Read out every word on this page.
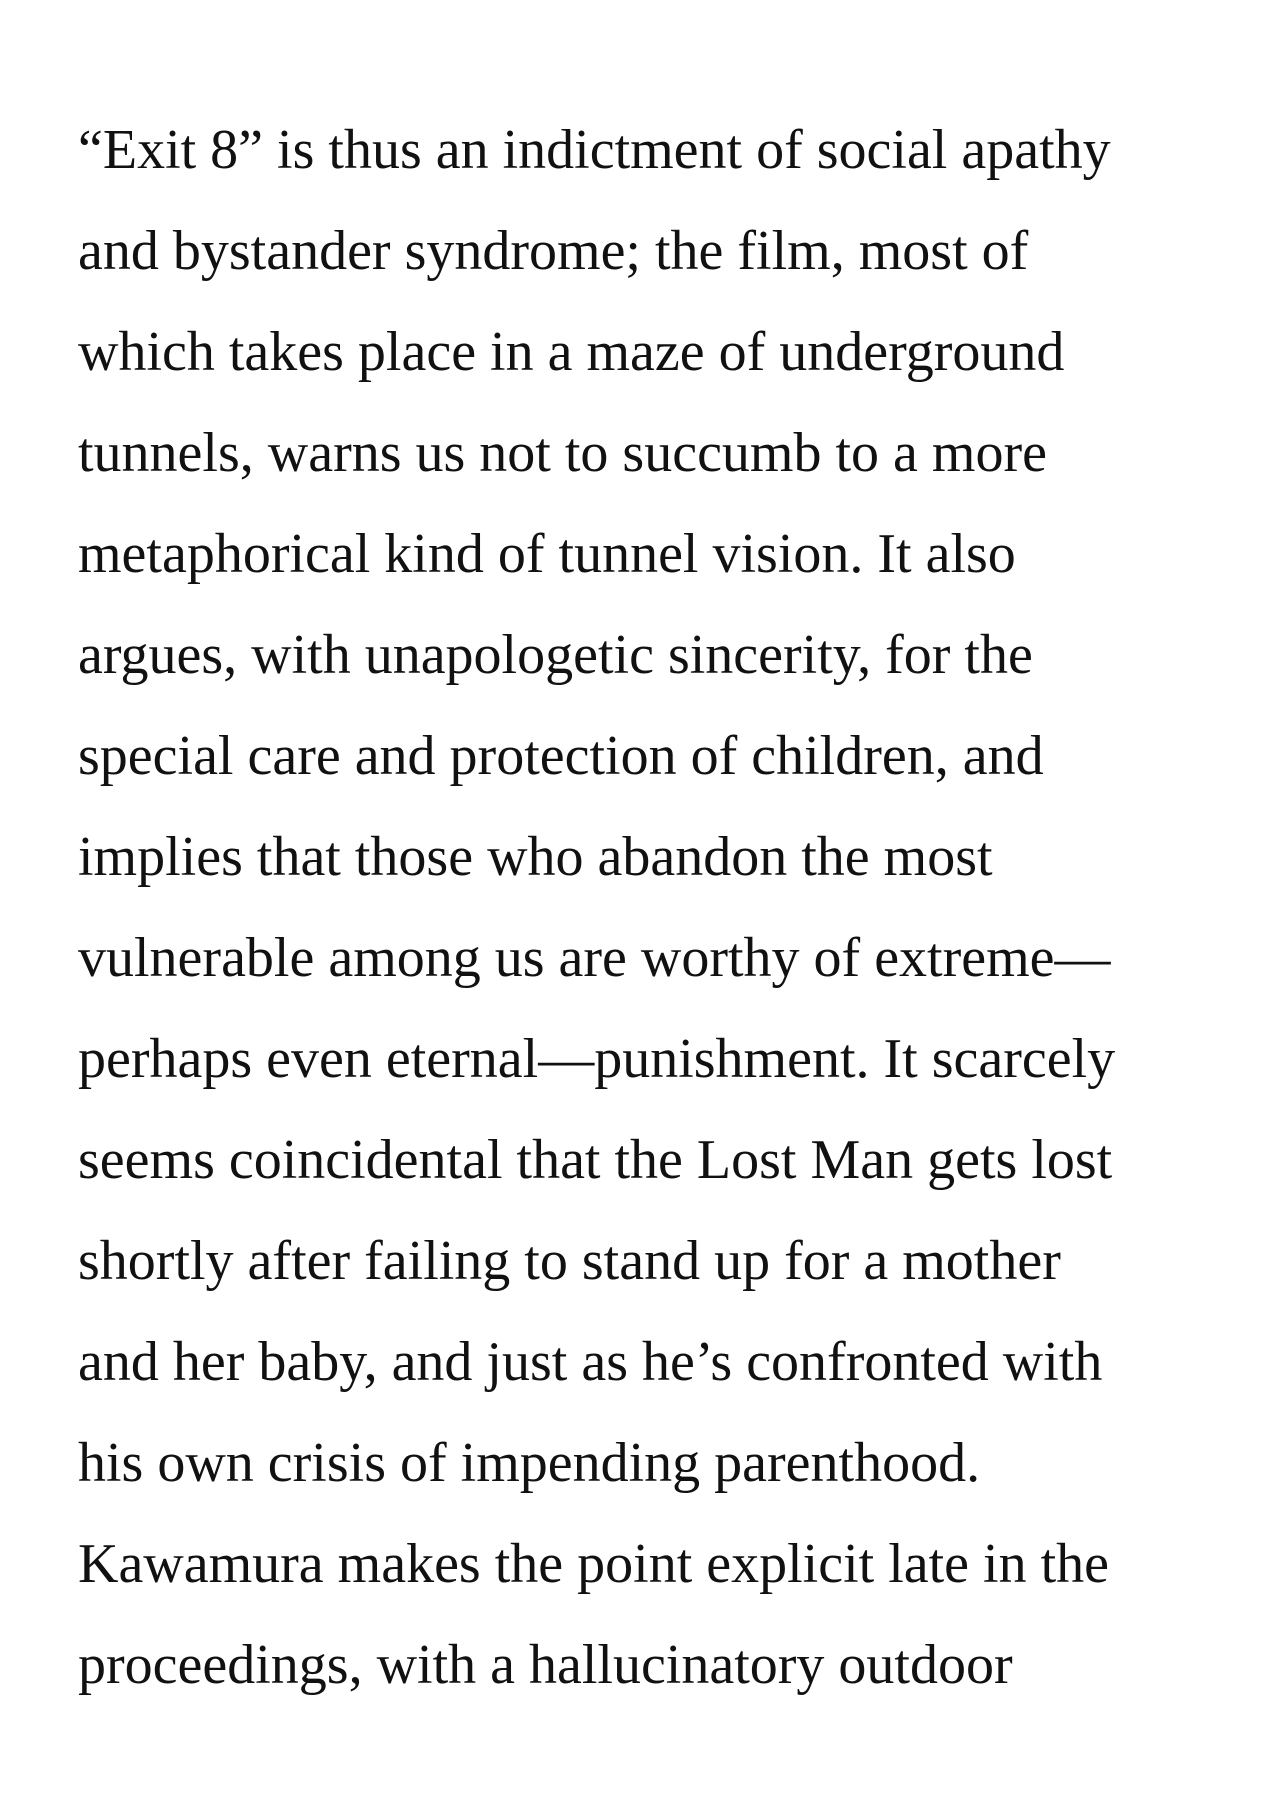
“Exit 8” is thus an indictment of social apathy
and bystander syndrome; the film, most of
which takes place in a maze of underground
tunnels, warns us not to succumb to a more
metaphorical kind of tunnel vision. It also
argues, with unapologetic sincerity, for the
special care and protection of children, and
implies that those who abandon the most
vulnerable among us are worthy of extreme—
perhaps even eternal—punishment. It scarcely
seems coincidental that the Lost Man gets lost
shortly after failing to stand up for a mother
and her baby, and just as he’s confronted with
his own crisis of impending parenthood.
Kawamura makes the point explicit late in the
proceedings, with a hallucinatory outdoor
